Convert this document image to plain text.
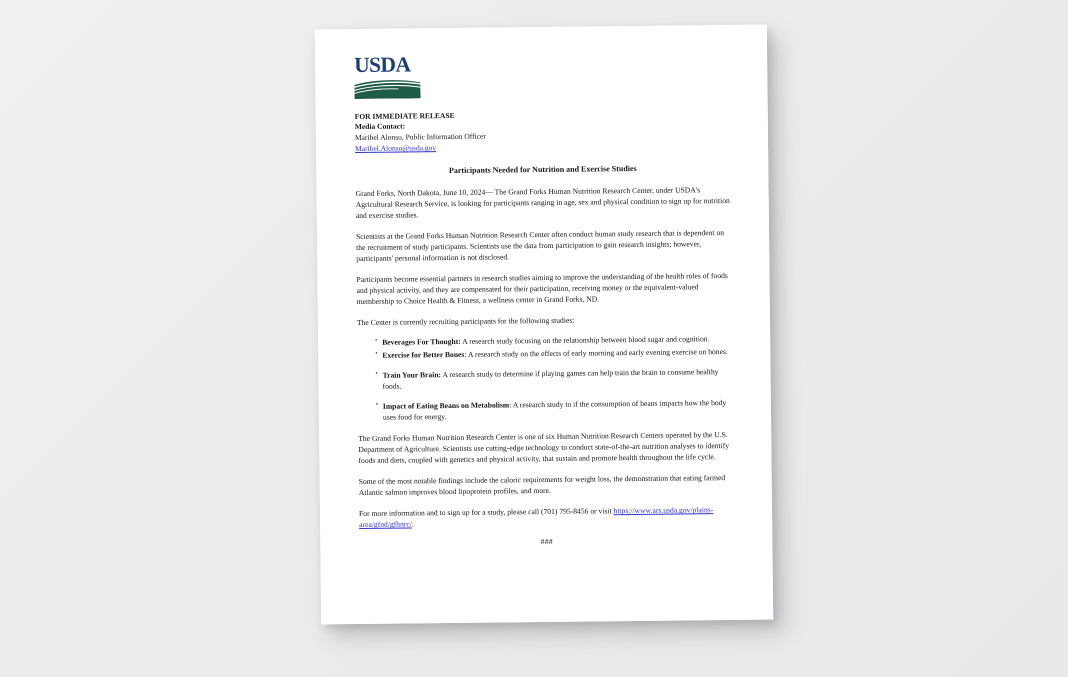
USDA
FOR IMMEDIATE RELEASE
Media Contact:
Maribel Alonso, Public Information Officer
Maribel.Alonso@usda.gov
Participants Needed for Nutrition and Exercise Studies

Grand Forks, North Dakota, June 10, 2024— The Grand Forks Human Nutrition Research Center, under USDA's Agricultural Research Service, is looking for participants ranging in age, sex and physical condition to sign up for nutrition and exercise studies.

Scientists at the Grand Forks Human Nutrition Research Center often conduct human study research that is dependent on the recruitment of study participants. Scientists use the data from participation to gain research insights; however, participants' personal information is not disclosed.

Participants become essential partners in research studies aiming to improve the understanding of the health roles of foods and physical activity, and they are compensated for their participation, receiving money or the equivalent-valued membership to Choice Health & Fitness, a wellness center in Grand Forks, ND.

The Center is currently recruiting participants for the following studies:

• Beverages For Thought: A research study focusing on the relationship between blood sugar and cognition.
• Exercise for Better Bones: A research study on the effects of early morning and early evening exercise on bones.
• Train Your Brain: A research study to determine if playing games can help train the brain to consume healthy foods.
• Impact of Eating Beans on Metabolism: A research study to if the consumption of beans impacts how the body uses food for energy.

The Grand Forks Human Nutrition Research Center is one of six Human Nutrition Research Centers operated by the U.S. Department of Agriculture. Scientists use cutting-edge technology to conduct state-of-the-art nutrition analyses to identify foods and diets, coupled with genetics and physical activity, that sustain and promote health throughout the life cycle.

Some of the most notable findings include the caloric requirements for weight loss, the demonstration that eating farmed Atlantic salmon improves blood lipoprotein profiles, and more.

For more information and to sign up for a study, please call (701) 795-8456 or visit https://www.ars.usda.gov/plains-area/gfnd/gfhnrc/.

###
